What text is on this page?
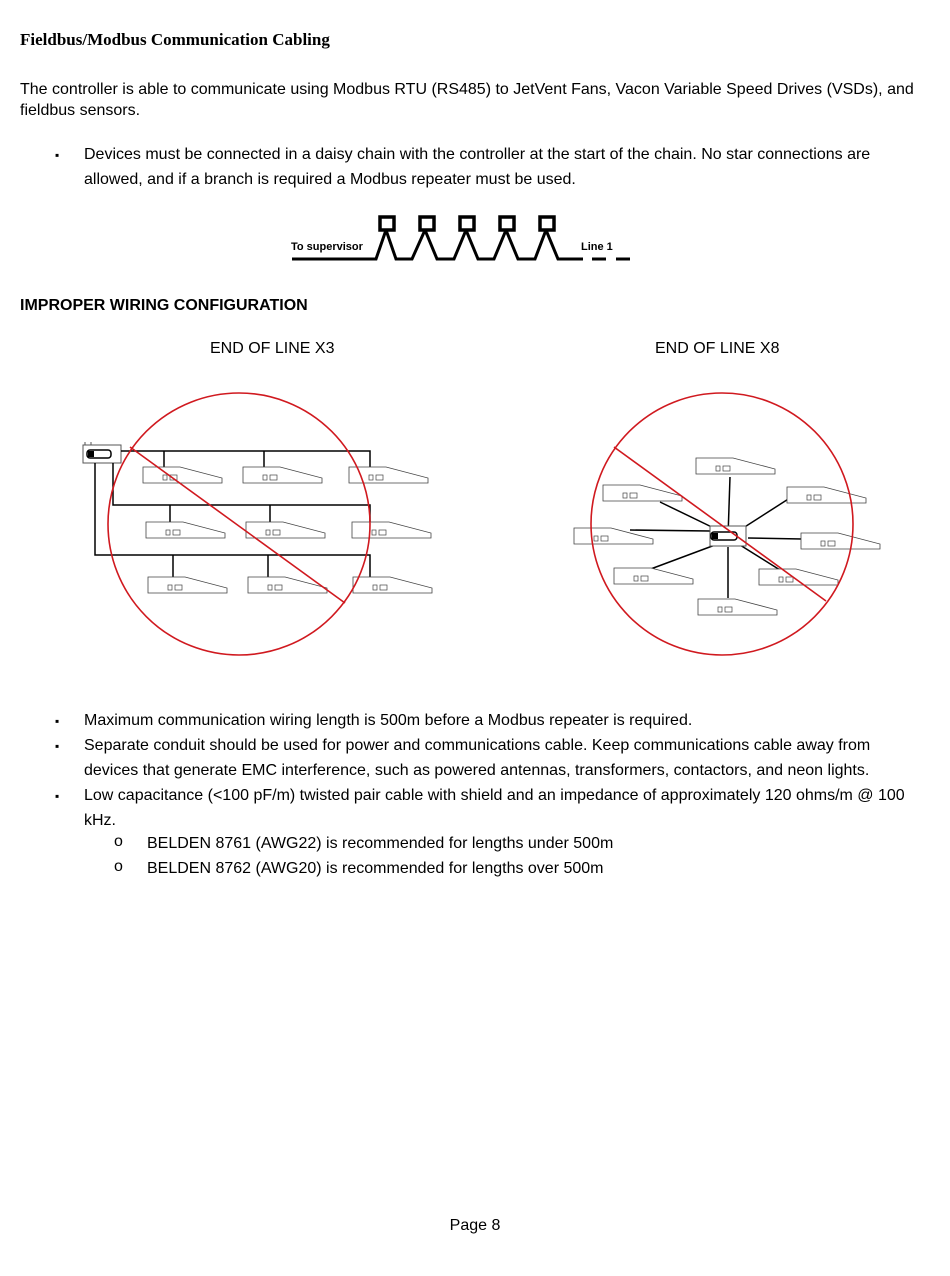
Fieldbus/Modbus Communication Cabling
The controller is able to communicate using Modbus RTU (RS485) to JetVent Fans, Vacon Variable Speed Drives (VSDs), and fieldbus sensors.
▪ Devices must be connected in a daisy chain with the controller at the start of the chain. No star connections are allowed, and if a branch is required a Modbus repeater must be used.
To supervisor	Line 1
IMPROPER WIRING CONFIGURATION
END OF LINE X3	END OF LINE X8
▪ Maximum communication wiring length is 500m before a Modbus repeater is required.
▪ Separate conduit should be used for power and communications cable. Keep communications cable away from devices that generate EMC interference, such as powered antennas, transformers, contactors, and neon lights.
▪ Low capacitance (<100 pF/m) twisted pair cable with shield and an impedance of approximately 120 ohms/m @ 100 kHz.
o BELDEN 8761 (AWG22) is recommended for lengths under 500m
o BELDEN 8762 (AWG20) is recommended for lengths over 500m
Page 8
